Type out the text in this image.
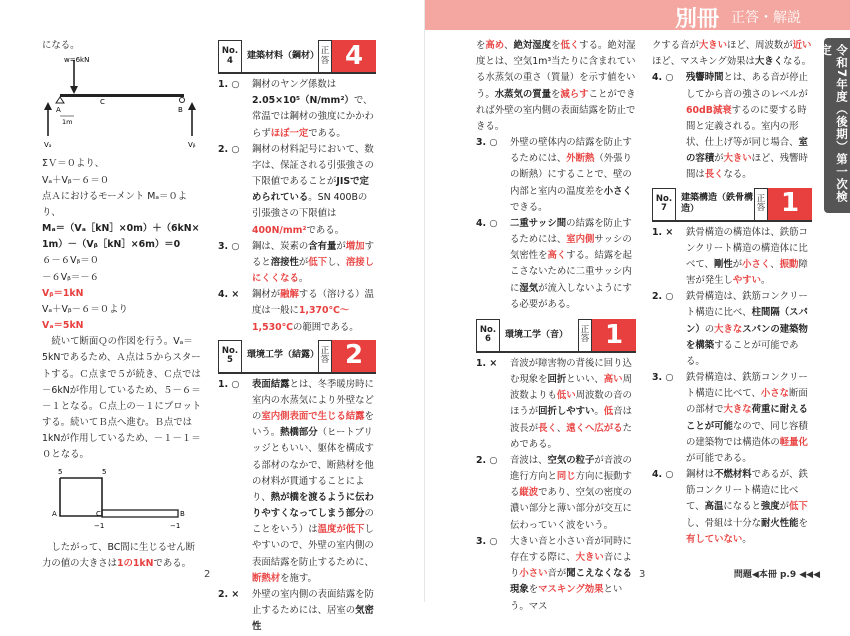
別冊 正答・解説
令和7年度（後期）第一次検定

になる。

w=6kN
A
C
B
1m
Vₐ	Vᵦ

ΣＶ＝０より、

Vₐ＋Vᵦ－６＝０

点Ａにおけるモーメント Mₐ＝０より、

Mₐ＝（Vₐ［kN］×0m）＋（6kN×

1m）－（Vᵦ［kN］×6m）＝0

６－６Vᵦ＝０

－６Vᵦ＝－６

Vᵦ＝1kN

Vₐ＋Vᵦ－６＝０より

Vₐ＝5kN

続いて断面Ｑの作図を行う。Vₐ＝5kNであるため、Ａ点は５からスタートする。Ｃ点まで５が続き、Ｃ点では－6kNが作用しているため、５－６＝－１となる。Ｃ点上の－１にプロットする。続いてＢ点へ進む。Ｂ点では1kNが作用しているため、－１－１＝０となる。

5	5
A	C	B
−1	−1

したがって、BC間に生じるせん断力の値の大きさは1の1kNである。

No.
4	建築材料（鋼材） 正答 4
1. ○	鋼材のヤング係数は2.05×10⁵（N/mm²）で、常温では鋼材の強度にかかわらずほぼ一定である。
2. ○	鋼材の材料記号において、数字は、保証される引張強さの下限値であることがJISで定められている。SN 400Bの引張強さの下限値は400N/mm²である。
3. ○	鋼は、炭素の含有量が増加すると溶接性が低下し、溶接しにくくなる。
4. ×	鋼材が融解する（溶ける）温度は一般に1,370℃～1,530℃の範囲である。
No.
5	環境工学（結露） 正答 2
1. ○	表面結露とは、冬季暖房時に室内の水蒸気により外壁などの室内側表面で生じる結露をいう。熱橋部分（ヒートブリッジともいい、躯体を構成する部材のなかで、断熱材を他の材料が貫通することにより、熱が橋を渡るように伝わりやすくなってしまう部分のことをいう）は温度が低下しやすいので、外壁の室内側の表面結露を防止するために、断熱材を施す。
2. ×	外壁の室内側の表面結露を防止するためには、居室の気密性
2

を高め、絶対湿度を低くする。絶対湿度とは、空気1m³当たりに含まれている水蒸気の重さ（質量）を示す値をいう。水蒸気の質量を減らすことができれば外壁の室内側の表面結露を防止できる。

3. ○	外壁の壁体内の結露を防止するためには、外断熱（外張りの断熱）にすることで、壁の内部と室内の温度差を小さくできる。
4. ○	二重サッシ間の結露を防止するためには、室内側サッシの気密性を高くする。結露を起こさないために二重サッシ内に湿気が流入しないようにする必要がある。
No.
6	環境工学（音）	正答 1
1. ×	音波が障害物の背後に回り込む現象を回折といい、高い周波数よりも低い周波数の音のほうが回折しやすい。低音は波長が長く、遠くへ広がるためである。
2. ○	音波は、空気の粒子が音波の進行方向と同じ方向に振動する縦波であり、空気の密度の濃い部分と薄い部分が交互に伝わっていく波をいう。
3. ○	大きい音と小さい音が同時に存在する際に、大きい音により小さい音が聞こえなくなる現象をマスキング効果という。マス
3

クする音が大きいほど、周波数が近いほど、マスキング効果は大きくなる。

4. ○	残響時間とは、ある音が停止してから音の強さのレベルが60dB減衰するのに要する時間と定義される。室内の形状、仕上げ等が同じ場合、室の容積が大きいほど、残響時間は長くなる。
No.
7
建築構造（鉄骨構造）
正答 1
1. ×	鉄骨構造の構造体は、鉄筋コンクリート構造の構造体に比べて、剛性が小さく、振動障害が発生しやすい。
2. ○	鉄骨構造は、鉄筋コンクリート構造に比べ、柱間隔（スパン）の大きなスパンの建築物を構築することが可能である。
3. ○	鉄骨構造は、鉄筋コンクリート構造に比べて、小さな断面の部材で大きな荷重に耐えることが可能なので、同じ容積の建築物では構造体の軽量化が可能である。
4. ○	鋼材は不燃材料であるが、鉄筋コンクリート構造に比べて、高温になると強度が低下し、骨組は十分な耐火性能を有していない。
問題◀本冊 p.9 ◀◀◀
